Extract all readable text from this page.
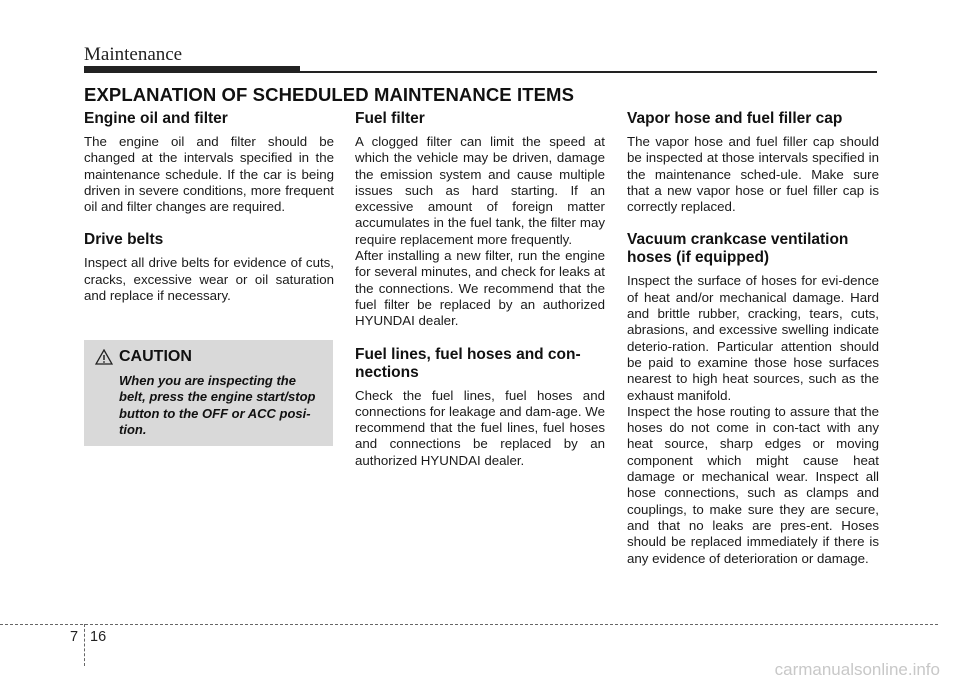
Maintenance
EXPLANATION OF SCHEDULED MAINTENANCE ITEMS
Engine oil and filter

The engine oil and filter should be changed at the intervals specified in the maintenance schedule. If the car is being driven in severe conditions, more frequent oil and filter changes are required.

Drive belts

Inspect all drive belts for evidence of cuts, cracks, excessive wear or oil saturation and replace if necessary.

CAUTION
When you are inspecting the belt, press the engine start/stop button to the OFF or ACC posi-tion.
Fuel filter

A clogged filter can limit the speed at which the vehicle may be driven, damage the emission system and cause multiple issues such as hard starting. If an excessive amount of foreign matter accumulates in the fuel tank, the filter may require replacement more frequently.

After installing a new filter, run the engine for several minutes, and check for leaks at the connections. We recommend that the fuel filter be replaced by an authorized HYUNDAI dealer.

Fuel lines, fuel hoses and con-nections

Check the fuel lines, fuel hoses and connections for leakage and dam-age. We recommend that the fuel lines, fuel hoses and connections be replaced by an authorized HYUNDAI dealer.

Vapor hose and fuel filler cap

The vapor hose and fuel filler cap should be inspected at those intervals specified in the maintenance sched-ule. Make sure that a new vapor hose or fuel filler cap is correctly replaced.

Vacuum crankcase ventilation hoses (if equipped)

Inspect the surface of hoses for evi-dence of heat and/or mechanical damage. Hard and brittle rubber, cracking, tears, cuts, abrasions, and excessive swelling indicate deterio-ration. Particular attention should be paid to examine those hose surfaces nearest to high heat sources, such as the exhaust manifold.

Inspect the hose routing to assure that the hoses do not come in con-tact with any heat source, sharp edges or moving component which might cause heat damage or mechanical wear. Inspect all hose connections, such as clamps and couplings, to make sure they are secure, and that no leaks are pres-ent. Hoses should be replaced immediately if there is any evidence of deterioration or damage.

7 16
carmanualsonline.info
